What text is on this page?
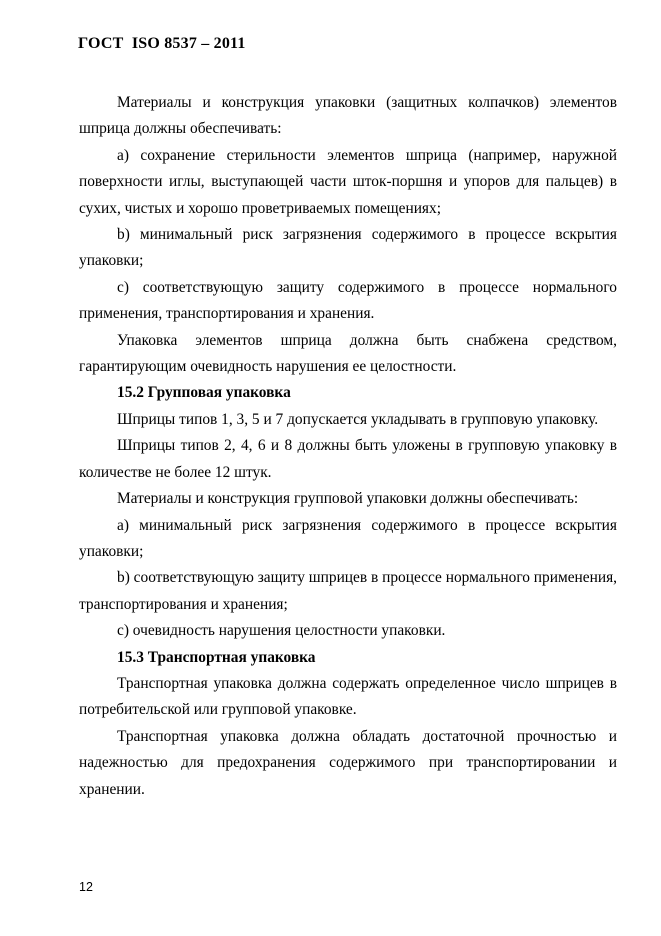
ГОСТ  ISO 8537 – 2011

Материалы и конструкция упаковки (защитных колпачков) элементов шприца должны обеспечивать:

а) сохранение стерильности элементов шприца (например, наружной поверхности иглы, выступающей части шток-поршня и упоров для пальцев) в сухих, чистых и хорошо проветриваемых помещениях;

b) минимальный риск загрязнения содержимого в процессе вскрытия упаковки;

c) соответствующую защиту содержимого в процессе нормального применения, транспортирования и хранения.

Упаковка элементов шприца должна быть снабжена средством, гарантирующим очевидность нарушения ее целостности.

15.2 Групповая упаковка

Шприцы типов 1, 3, 5 и 7 допускается укладывать в групповую упаковку.

Шприцы типов 2, 4, 6 и 8 должны быть уложены в групповую упаковку в количестве не более 12 штук.

Материалы и конструкция групповой упаковки должны обеспечивать:

а) минимальный риск загрязнения содержимого в процессе вскрытия упаковки;

b) соответствующую защиту шприцев в процессе нормального применения, транспортирования и хранения;

c) очевидность нарушения целостности упаковки.

15.3 Транспортная упаковка

Транспортная упаковка должна содержать определенное число шприцев в потребительской или групповой упаковке.

Транспортная упаковка должна обладать достаточной прочностью и надежностью для предохранения содержимого при транспортировании и хранении.

12
